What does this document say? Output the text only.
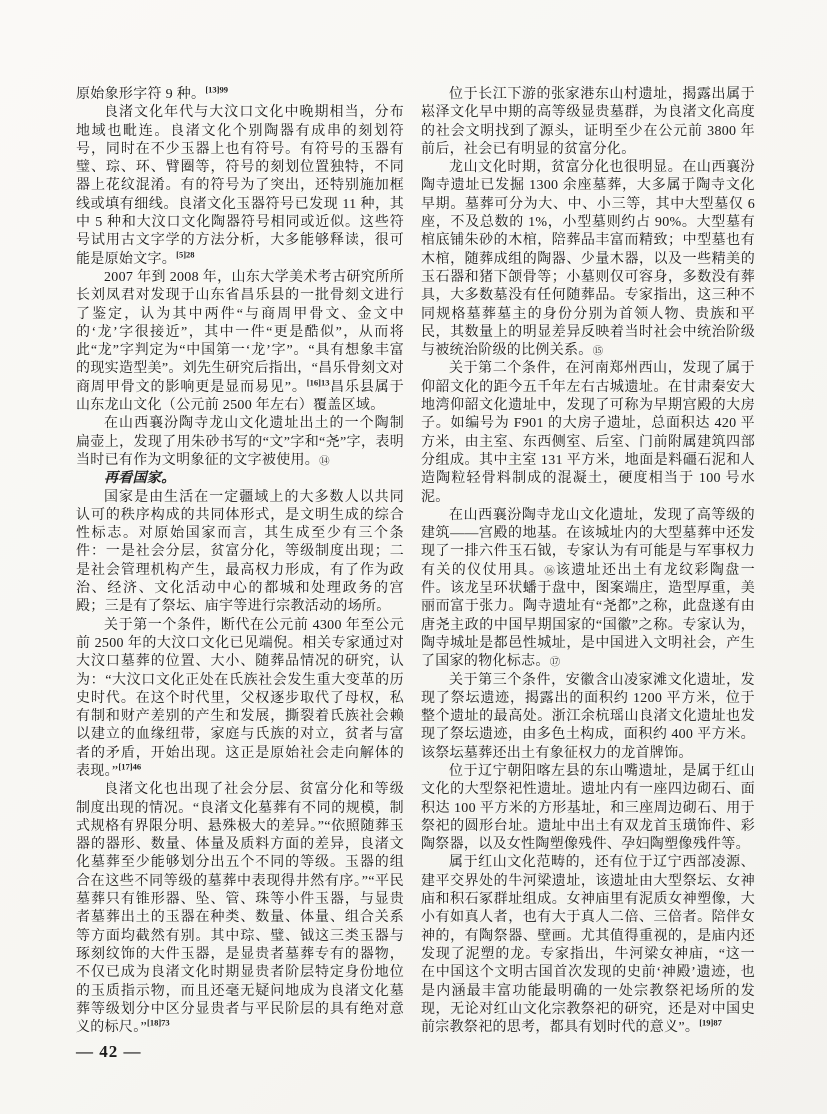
原始象形字符 9 种。$^{[13]99}$

良渚文化年代与大汶口文化中晚期相当，分布地域也毗连。良渚文化个别陶器有成串的刻划符号，同时在不少玉器上也有符号。有符号的玉器有璧、琮、环、臂圈等，符号的刻划位置独特，不同器上花纹混淆。有的符号为了突出，还特别施加框线或填有细线。良渚文化玉器符号已发现 11 种，其中 5 种和大汶口文化陶器符号相同或近似。这些符号试用古文字学的方法分析，大多能够释读，很可能是原始文字。$^{[5]28}$

2007 年到 2008 年，山东大学美术考古研究所所长刘凤君对发现于山东省昌乐县的一批骨刻文进行了鉴定，认为其中两件“与商周甲骨文、金文中的‘龙’字很接近”，其中一件“更是酷似”，从而将此“龙”字判定为“中国第一‘龙’字”。“具有想象丰富的现实造型美”。刘先生研究后指出，“昌乐骨刻文对商周甲骨文的影响更是显而易见”。$^{[16]13}$昌乐县属于山东龙山文化（公元前 2500 年左右）覆盖区域。

在山西襄汾陶寺龙山文化遗址出土的一个陶制扁壶上，发现了用朱砂书写的“文”字和“尧”字，表明当时已有作为文明象征的文字被使用。⑭

再看国家。

国家是由生活在一定疆域上的大多数人以共同认可的秩序构成的共同体形式，是文明生成的综合性标志。对原始国家而言，其生成至少有三个条件：一是社会分层，贫富分化，等级制度出现；二是社会管理机构产生，最高权力形成，有了作为政治、经济、文化活动中心的都城和处理政务的宫殿；三是有了祭坛、庙宇等进行宗教活动的场所。

关于第一个条件，断代在公元前 4300 年至公元前 2500 年的大汶口文化已见端倪。相关专家通过对大汶口墓葬的位置、大小、随葬品情况的研究，认为：“大汶口文化正处在氏族社会发生重大变革的历史时代。在这个时代里，父权逐步取代了母权，私有制和财产差别的产生和发展，撕裂着氏族社会赖以建立的血缘纽带，家庭与氏族的对立，贫者与富者的矛盾，开始出现。这正是原始社会走向解体的表现。”$^{[17]46}$

良渚文化也出现了社会分层、贫富分化和等级制度出现的情况。“良渚文化墓葬有不同的规模，制式规格有界限分明、悬殊极大的差异。”“依照随葬玉器的器形、数量、体量及质料方面的差异，良渚文化墓葬至少能够划分出五个不同的等级。玉器的组合在这些不同等级的墓葬中表现得井然有序。”“平民墓葬只有锥形器、坠、管、珠等小件玉器，与显贵者墓葬出土的玉器在种类、数量、体量、组合关系等方面均截然有别。其中琮、璧、钺这三类玉器与琢刻纹饰的大件玉器，是显贵者墓葬专有的器物，不仅已成为良渚文化时期显贵者阶层特定身份地位的玉质指示物，而且还毫无疑问地成为良渚文化墓葬等级划分中区分显贵者与平民阶层的具有绝对意义的标尺。”$^{[18]73}$

位于长江下游的张家港东山村遗址，揭露出属于崧泽文化早中期的高等级显贵墓群，为良渚文化高度的社会文明找到了源头，证明至少在公元前 3800 年前后，社会已有明显的贫富分化。

龙山文化时期，贫富分化也很明显。在山西襄汾陶寺遗址已发掘 1300 余座墓葬，大多属于陶寺文化早期。墓葬可分为大、中、小三等，其中大型墓仅 6 座，不及总数的 1%，小型墓则约占 90%。大型墓有棺底铺朱砂的木棺，陪葬品丰富而精致；中型墓也有木棺，随葬成组的陶器、少量木器，以及一些精美的玉石器和猪下颌骨等；小墓则仅可容身，多数没有葬具，大多数墓没有任何随葬品。专家指出，这三种不同规格墓葬墓主的身份分别为首领人物、贵族和平民，其数量上的明显差异反映着当时社会中统治阶级与被统治阶级的比例关系。⑮

关于第二个条件，在河南郑州西山，发现了属于仰韶文化的距今五千年左右古城遗址。在甘肃秦安大地湾仰韶文化遗址中，发现了可称为早期宫殿的大房子。如编号为 F901 的大房子遗址，总面积达 420 平方米，由主室、东西侧室、后室、门前附属建筑四部分组成。其中主室 131 平方米，地面是料礓石泥和人造陶粒轻骨料制成的混凝土，硬度相当于 100 号水泥。

在山西襄汾陶寺龙山文化遗址，发现了高等级的建筑——宫殿的地基。在该城址内的大型墓葬中还发现了一排六件玉石钺，专家认为有可能是与军事权力有关的仪仗用具。⑯该遗址还出土有龙纹彩陶盘一件。该龙呈环状蟠于盘中，图案端庄，造型厚重，美丽而富于张力。陶寺遗址有“尧都”之称，此盘遂有由唐尧主政的中国早期国家的“国徽”之称。专家认为，陶寺城址是都邑性城址，是中国进入文明社会，产生了国家的物化标志。⑰

关于第三个条件，安徽含山凌家滩文化遗址，发现了祭坛遗迹，揭露出的面积约 1200 平方米，位于整个遗址的最高处。浙江余杭瑶山良渚文化遗址也发现了祭坛遗迹，由多色土构成，面积约 400 平方米。该祭坛墓葬还出土有象征权力的龙首牌饰。

位于辽宁朝阳喀左县的东山嘴遗址，是属于红山文化的大型祭祀性遗址。遗址内有一座四边砌石、面积达 100 平方米的方形基址，和三座周边砌石、用于祭祀的圆形台址。遗址中出土有双龙首玉璜饰件、彩陶祭器，以及女性陶塑像残件、孕妇陶塑像残件等。

属于红山文化范畴的，还有位于辽宁西部凌源、建平交界处的牛河梁遗址，该遗址由大型祭坛、女神庙和积石冢群址组成。女神庙里有泥质女神塑像，大小有如真人者，也有大于真人二倍、三倍者。陪伴女神的，有陶祭器、壁画。尤其值得重视的，是庙内还发现了泥塑的龙。专家指出，牛河梁女神庙，“这一在中国这个文明古国首次发现的史前‘神殿’遗迹，也是内涵最丰富功能最明确的一处宗教祭祀场所的发现，无论对红山文化宗教祭祀的研究，还是对中国史前宗教祭祀的思考，都具有划时代的意义”。$^{[19]87}$

— 42 —
